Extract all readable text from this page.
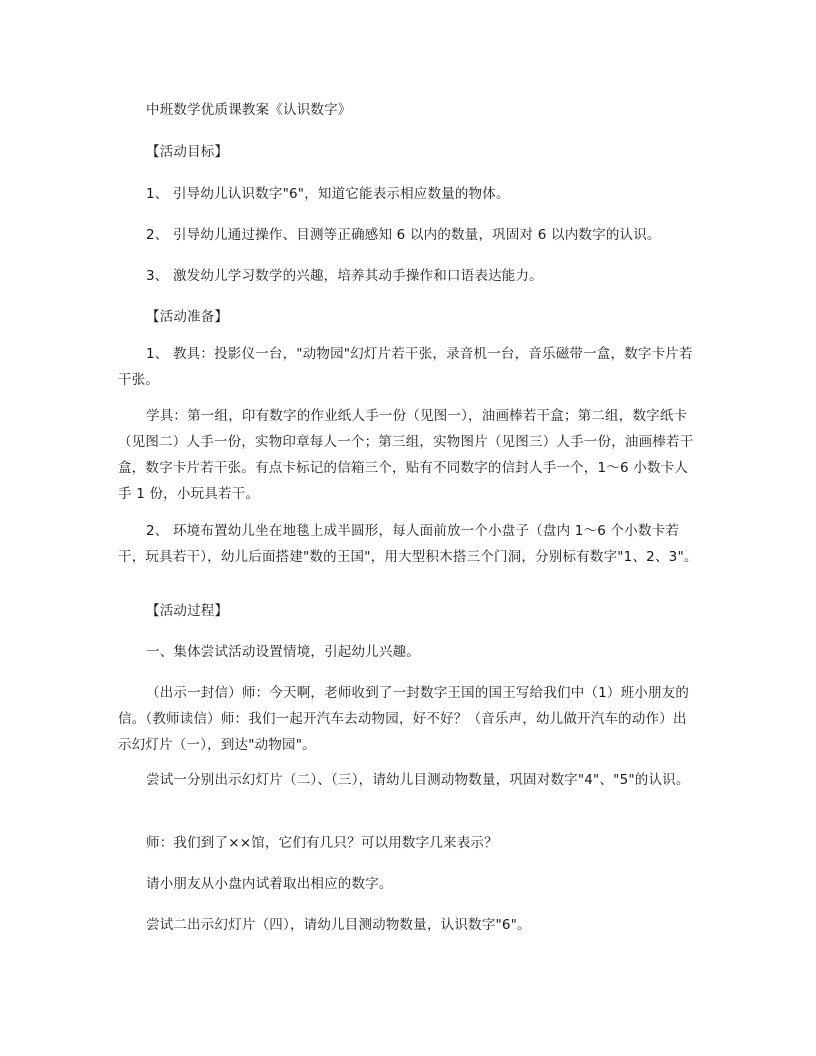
中班数学优质课教案《认识数字》
【活动目标】
1、 引导幼儿认识数字"6"，知道它能表示相应数量的物体。
2、 引导幼儿通过操作、目测等正确感知 6 以内的数量，巩固对 6 以内数字的认识。
3、 激发幼儿学习数学的兴趣，培养其动手操作和口语表达能力。
【活动准备】
1、 教具：投影仪一台，"动物园"幻灯片若干张，录音机一台，音乐磁带一盒，数字卡片若干张。
学具：第一组，印有数字的作业纸人手一份（见图一），油画棒若干盒；第二组，数字纸卡（见图二）人手一份，实物印章每人一个；第三组，实物图片（见图三）人手一份，油画棒若干盒，数字卡片若干张。有点卡标记的信箱三个，贴有不同数字的信封人手一个，1～6 小数卡人手 1 份，小玩具若干。
2、 环境布置幼儿坐在地毯上成半圆形，每人面前放一个小盘子（盘内 1～6 个小数卡若干，玩具若干），幼儿后面搭建"数的王国"，用大型积木搭三个门洞，分别标有数字"1、2、3"。
【活动过程】
一、集体尝试活动设置情境，引起幼儿兴趣。
（出示一封信）师：今天啊，老师收到了一封数字王国的国王写给我们中（1）班小朋友的信。（教师读信）师：我们一起开汽车去动物园，好不好？（音乐声，幼儿做开汽车的动作）出示幻灯片（一），到达"动物园"。
尝试一分别出示幻灯片（二）、（三），请幼儿目测动物数量，巩固对数字"4"、"5"的认识。
师：我们到了××馆，它们有几只？可以用数字几来表示？
请小朋友从小盘内试着取出相应的数字。
尝试二出示幻灯片（四），请幼儿目测动物数量，认识数字"6"。
